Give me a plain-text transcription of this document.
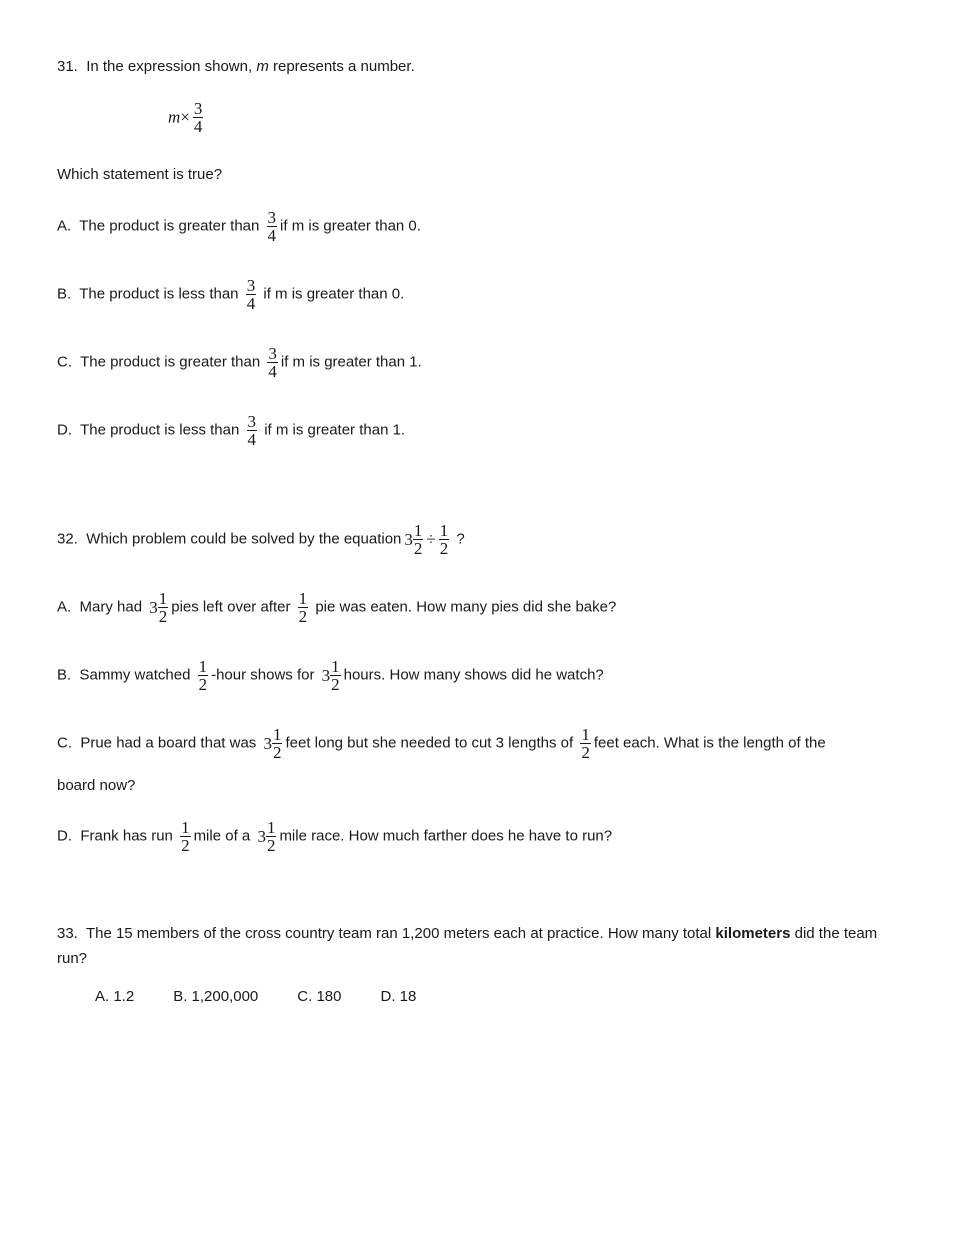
31. In the expression shown, m represents a number.
$m\times \frac{3}{4}$
Which statement is true?
A. The product is greater than $\frac{3}{4}$ if m is greater than 0.
B. The product is less than $\frac{3}{4}$ if m is greater than 0.
C. The product is greater than $\frac{3}{4}$ if m is greater than 1.
D. The product is less than $\frac{3}{4}$ if m is greater than 1.
32. Which problem could be solved by the equation $3 \frac{1}{2} \div \frac{1}{2}$ ?
A. Mary had $3 \frac{1}{2}$ pies left over after $\frac{1}{2}$ pie was eaten. How many pies did she bake?
B. Sammy watched $\frac{1}{2}$ -hour shows for $3 \frac{1}{2}$ hours. How many shows did he watch?
C. Prue had a board that was $3 \frac{1}{2}$ feet long but she needed to cut 3 lengths of $\frac{1}{2}$ feet each. What is the length of the
board now?
D. Frank has run $\frac{1}{2}$ mile of a $3 \frac{1}{2}$ mile race. How much farther does he have to run?
33. The 15 members of the cross country team ran 1,200 meters each at practice. How many total kilometers did the team run?
A. 1.2	B. 1,200,000	C. 180	D. 18
